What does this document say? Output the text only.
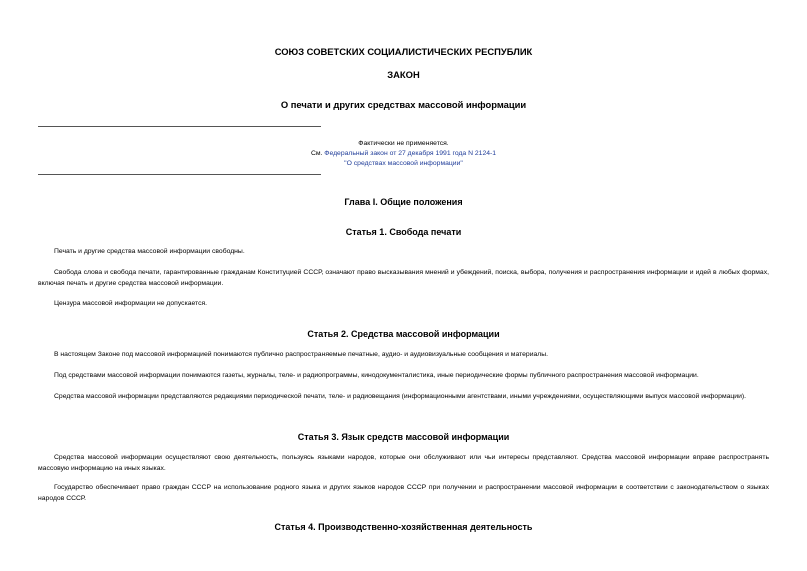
СОЮЗ СОВЕТСКИХ СОЦИАЛИСТИЧЕСКИХ РЕСПУБЛИК
ЗАКОН
О печати и других средствах массовой информации
Фактически не применяется.
См. Федеральный закон от 27 декабря 1991 года N 2124-1
"О средствах массовой информации"
Глава I. Общие положения
Статья 1. Свобода печати
Печать и другие средства массовой информации свободны.
Свобода слова и свобода печати, гарантированные гражданам Конституцией СССР, означают право высказывания мнений и убеждений, поиска, выбора, получения и распространения информации и идей в любых формах, включая печать и другие средства массовой информации.
Цензура массовой информации не допускается.
Статья 2. Средства массовой информации
В настоящем Законе под массовой информацией понимаются публично распространяемые печатные, аудио- и аудиовизуальные сообщения и материалы.
Под средствами массовой информации понимаются газеты, журналы, теле- и радиопрограммы, кинодокументалистика, иные периодические формы публичного распространения массовой информации.
Средства массовой информации представляются редакциями периодической печати, теле- и радиовещания (информационными агентствами, иными учреждениями, осуществляющими выпуск массовой информации).
Статья 3. Язык средств массовой информации
Средства массовой информации осуществляют свою деятельность, пользуясь языками народов, которые они обслуживают или чьи интересы представляют. Средства массовой информации вправе распространять массовую информацию на иных языках.
Государство обеспечивает право граждан СССР на использование родного языка и других языков народов СССР при получении и распространении массовой информации в соответствии с законодательством о языках народов СССР.
Статья 4. Производственно-хозяйственная деятельность
